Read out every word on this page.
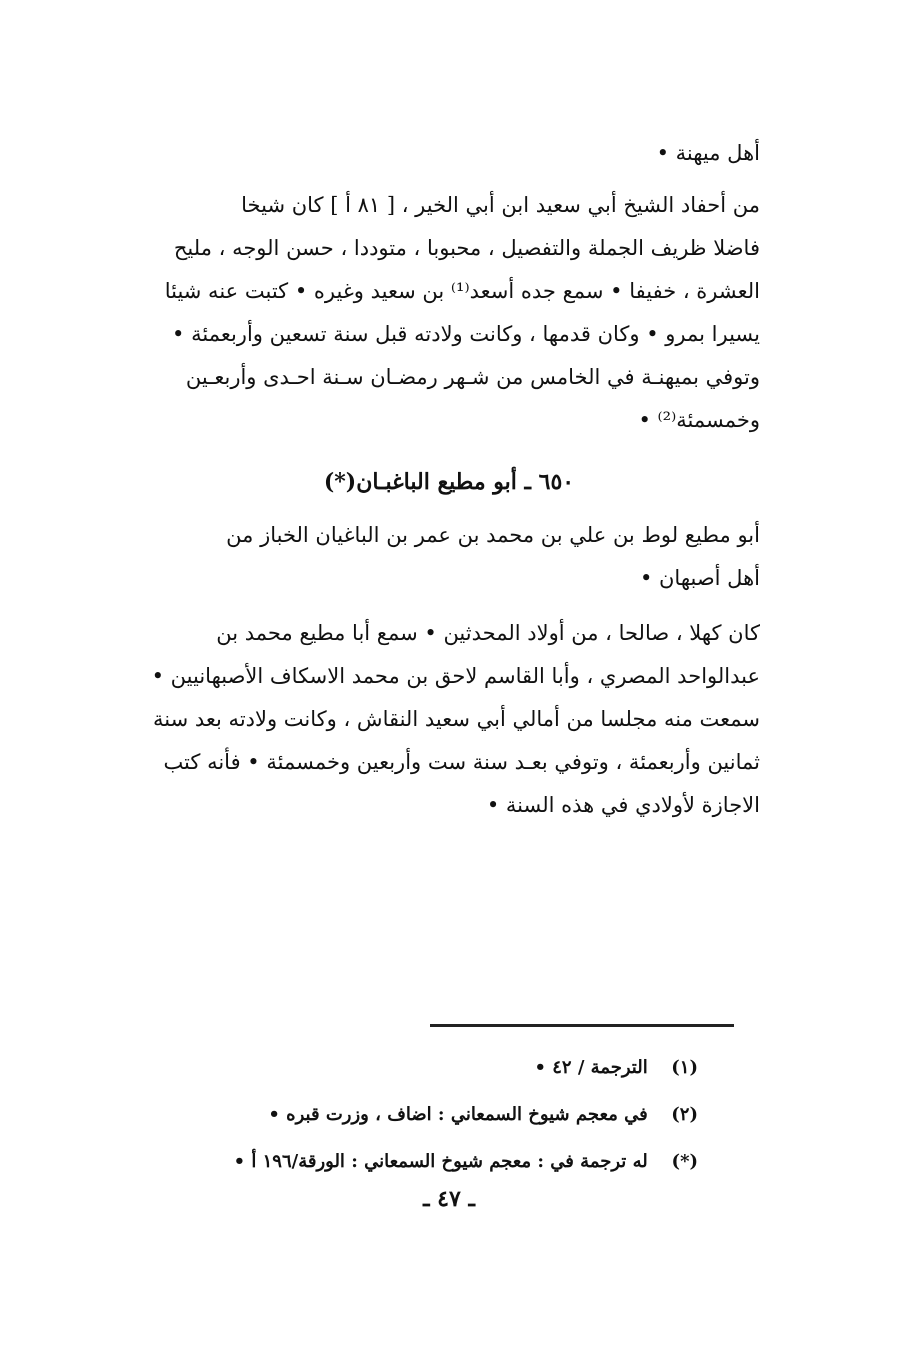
أهل ميهنة •
من أحفاد الشيخ أبي سعيد ابن أبي الخير ، [ ٨١ أ ] كان شيخا
فاضلا ظريف الجملة والتفصيل ، محبوبا ، متوددا ، حسن الوجه ، مليح
العشرة ، خفيفا • سمع جده أسعد⁽¹⁾ بن سعيد وغيره • كتبت عنه شيئا
يسيرا بمرو • وكان قدمها ، وكانت ولادته قبل سنة تسعين وأربعمئة •
وتوفي بميهنـة في الخامس من شـهر رمضـان سـنة احـدى وأربعـين
وخمسمئة⁽²⁾ •
٦٥٠ ـ أبو مطيع الباغبـان(*)
أبو مطيع لوط بن علي بن محمد بن عمر بن الباغيان الخباز من
أهل أصبهان •
كان كهلا ، صالحا ، من أولاد المحدثين • سمع أبا مطيع محمد بن
عبدالواحد المصري ، وأبا القاسم لاحق بن محمد الاسكاف الأصبهانيين •
سمعت منه مجلسا من أمالي أبي سعيد النقاش ، وكانت ولادته بعد سنة
ثمانين وأربعمئة ، وتوفي بعـد سنة ست وأربعين وخمسمئة • فأنه كتب
الاجازة لأولادي في هذه السنة •
(١) الترجمة / ٤٢ •
(٢) في معجم شيوخ السمعاني : اضاف ، وزرت قبره •
(*) له ترجمة في : معجم شيوخ السمعاني : الورقة/١٩٦ أ •
ـ ٤٧ ـ
